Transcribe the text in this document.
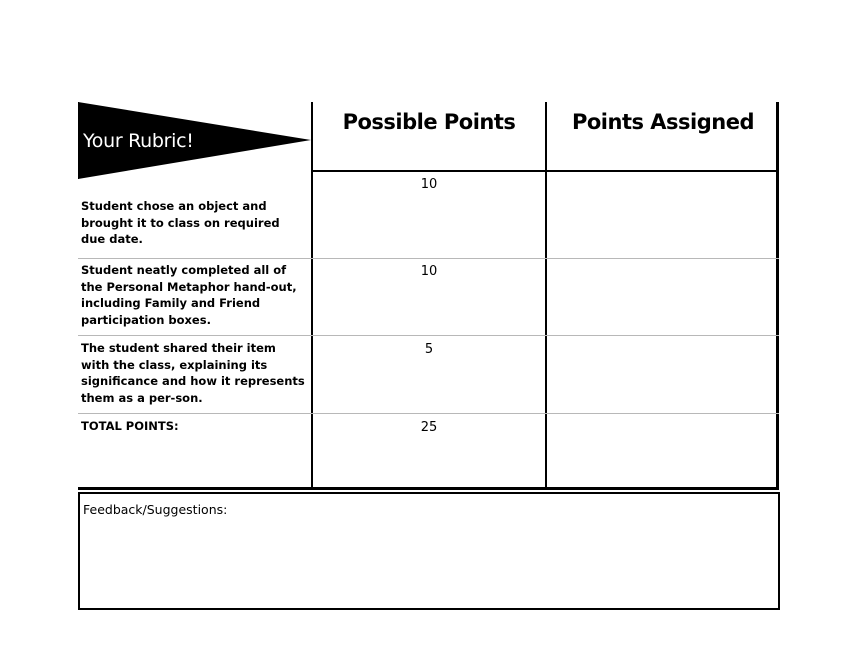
Your Rubric!
Possible Points	Points Assigned
Student chose an object and brought it to class on required due date.
10
Student neatly completed all of the Personal Metaphor hand-out, including Family and Friend participation boxes.
10
The student shared their item with the class, explaining its significance and how it represents them as a per-son.
5
TOTAL POINTS:	25
Feedback/Suggestions:
